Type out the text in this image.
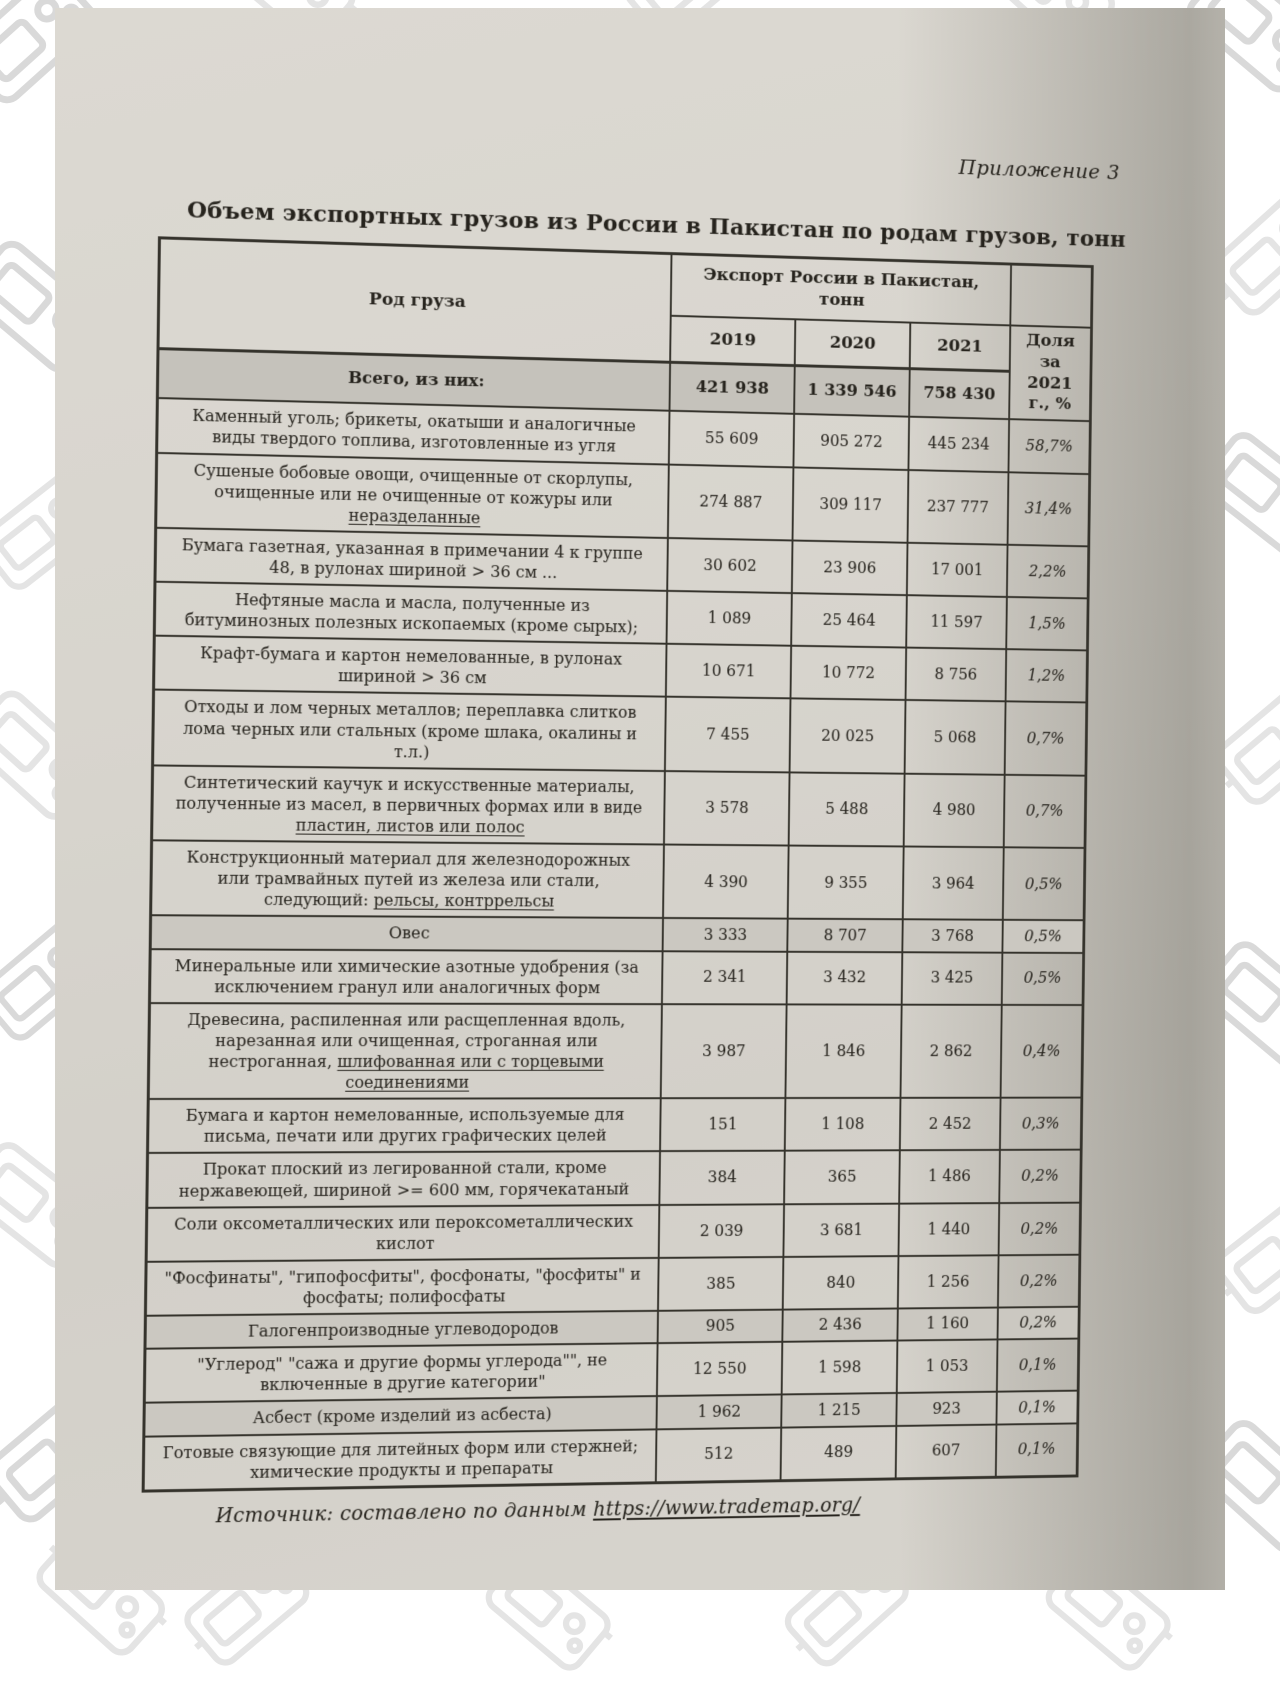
Приложение 3
Объем экспортных грузов из России в Пакистан по родам грузов, тонн
Род груза	Экспорт России в Пакистан, тонн			
	2019	2020	2021	Доля за 2021 г., %
Всего, из них:	421 938	1 339 546	758 430	
Каменный уголь; брикеты, окатыши и аналогичные виды твердого топлива, изготовленные из угля	55 609	905 272	445 234	58,7%
Сушеные бобовые овощи, очищенные от скорлупы, очищенные или не очищенные от кожуры или неразделанные	274 887	309 117	237 777	31,4%
Бумага газетная, указанная в примечании 4 к группе 48, в рулонах шириной > 36 см ...	30 602	23 906	17 001	2,2%
Нефтяные масла и масла, полученные из битуминозных полезных ископаемых (кроме сырых);	1 089	25 464	11 597	1,5%
Крафт-бумага и картон немелованные, в рулонах шириной > 36 см	10 671	10 772	8 756	1,2%
Отходы и лом черных металлов; переплавка слитков лома черных или стальных (кроме шлака, окалины и т.л.)	7 455	20 025	5 068	0,7%
Синтетический каучук и искусственные материалы, полученные из масел, в первичных формах или в виде пластин, листов или полос	3 578	5 488	4 980	0,7%
Конструкционный материал для железнодорожных или трамвайных путей из железа или стали, следующий: рельсы, контррельсы	4 390	9 355	3 964	0,5%
Овес	3 333	8 707	3 768	0,5%
Минеральные или химические азотные удобрения (за исключением гранул или аналогичных форм	2 341	3 432	3 425	0,5%
Древесина, распиленная или расщепленная вдоль, нарезанная или очищенная, строганная или нестроганная, шлифованная или с торцевыми соединениями	3 987	1 846	2 862	0,4%
Бумага и картон немелованные, используемые для письма, печати или других графических целей	151	1 108	2 452	0,3%
Прокат плоский из легированной стали, кроме нержавеющей, шириной >= 600 мм, горячекатаный	384	365	1 486	0,2%
Соли оксометаллических или пероксометаллических кислот	2 039	3 681	1 440	0,2%
"Фосфинаты", "гипофосфиты", фосфонаты, "фосфиты" и фосфаты; полифосфаты	385	840	1 256	0,2%
Галогенпроизводные углеводородов	905	2 436	1 160	0,2%
"Углерод" "сажа и другие формы углерода"", не включенные в другие категории"	12 550	1 598	1 053	0,1%
Асбест (кроме изделий из асбеста)	1 962	1 215	923	0,1%
Готовые связующие для литейных форм или стержней; химические продукты и препараты	512	489	607	0,1%
Источник: составлено по данным https://www.trademap.org/
